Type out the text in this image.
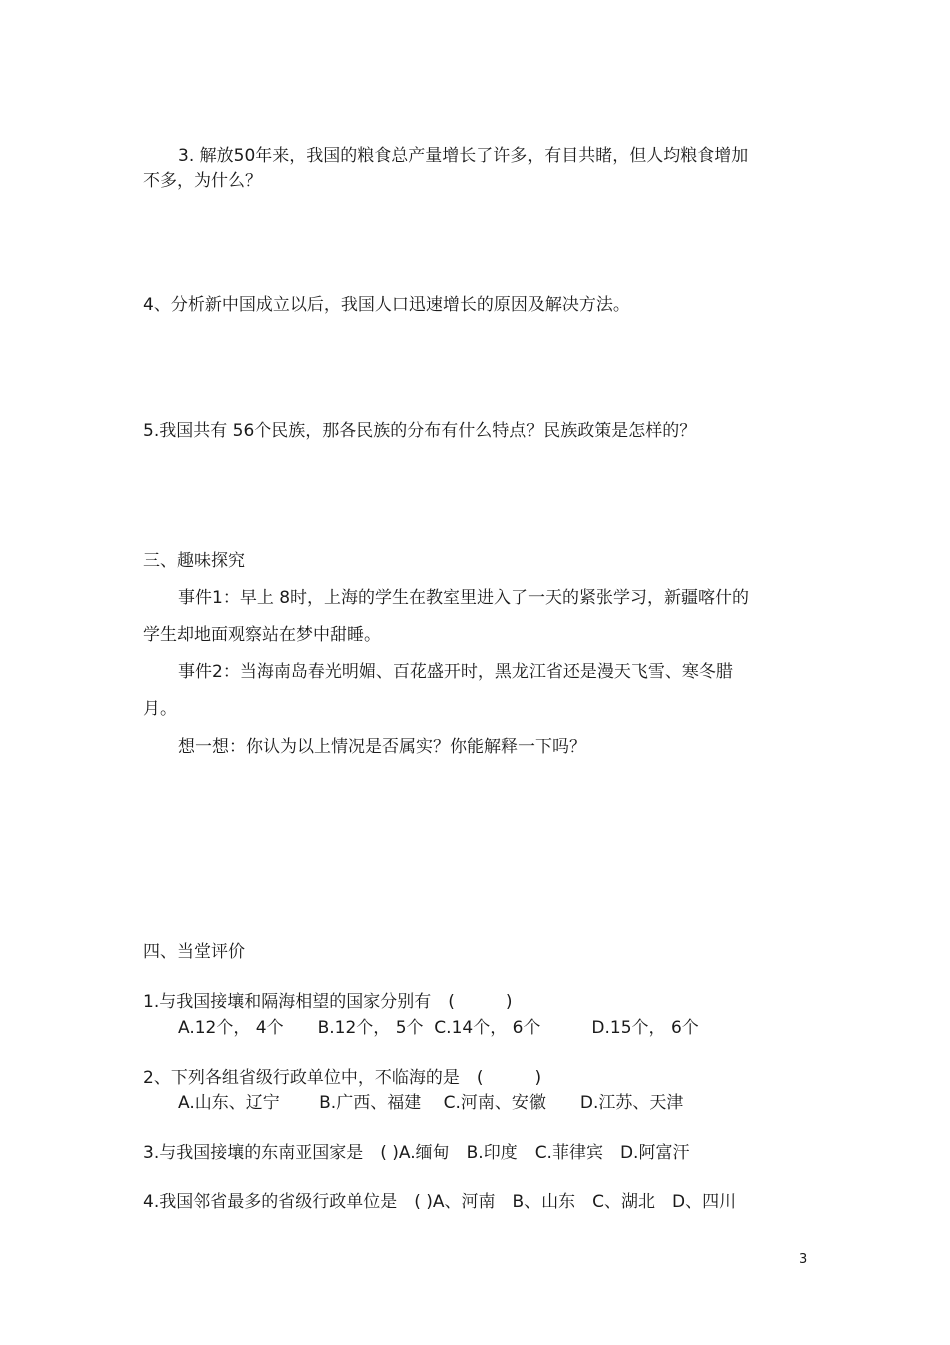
3. 解放50年来，我国的粮食总产量增长了许多，有目共睹，但人均粮食增加

不多，为什么？

4、分析新中国成立以后，我国人口迅速增长的原因及解决方法。

5.我国共有 56个民族，那各民族的分布有什么特点？民族政策是怎样的？

三、趣味探究

事件1：早上 8时，上海的学生在教室里进入了一天的紧张学习，新疆喀什的

学生却地面观察站在梦中甜睡。

事件2：当海南岛春光明媚、百花盛开时，黑龙江省还是漫天飞雪、寒冬腊

月。

想一想：你认为以上情况是否属实？你能解释一下吗？

四、当堂评价

1.与我国接壤和隔海相望的国家分别有　(　　　)

A.12个， 4个　　B.12个， 5个  C.14个， 6个　　　D.15个， 6个

2、下列各组省级行政单位中，不临海的是　(　　　)

A.山东、辽宁　　 B.广西、福建　 C.河南、安徽　　D.江苏、天津

3.与我国接壤的东南亚国家是　( )A.缅甸　B.印度　C.菲律宾　D.阿富汗

4.我国邻省最多的省级行政单位是　( )A、河南　B、山东　C、湖北　D、四川

3
